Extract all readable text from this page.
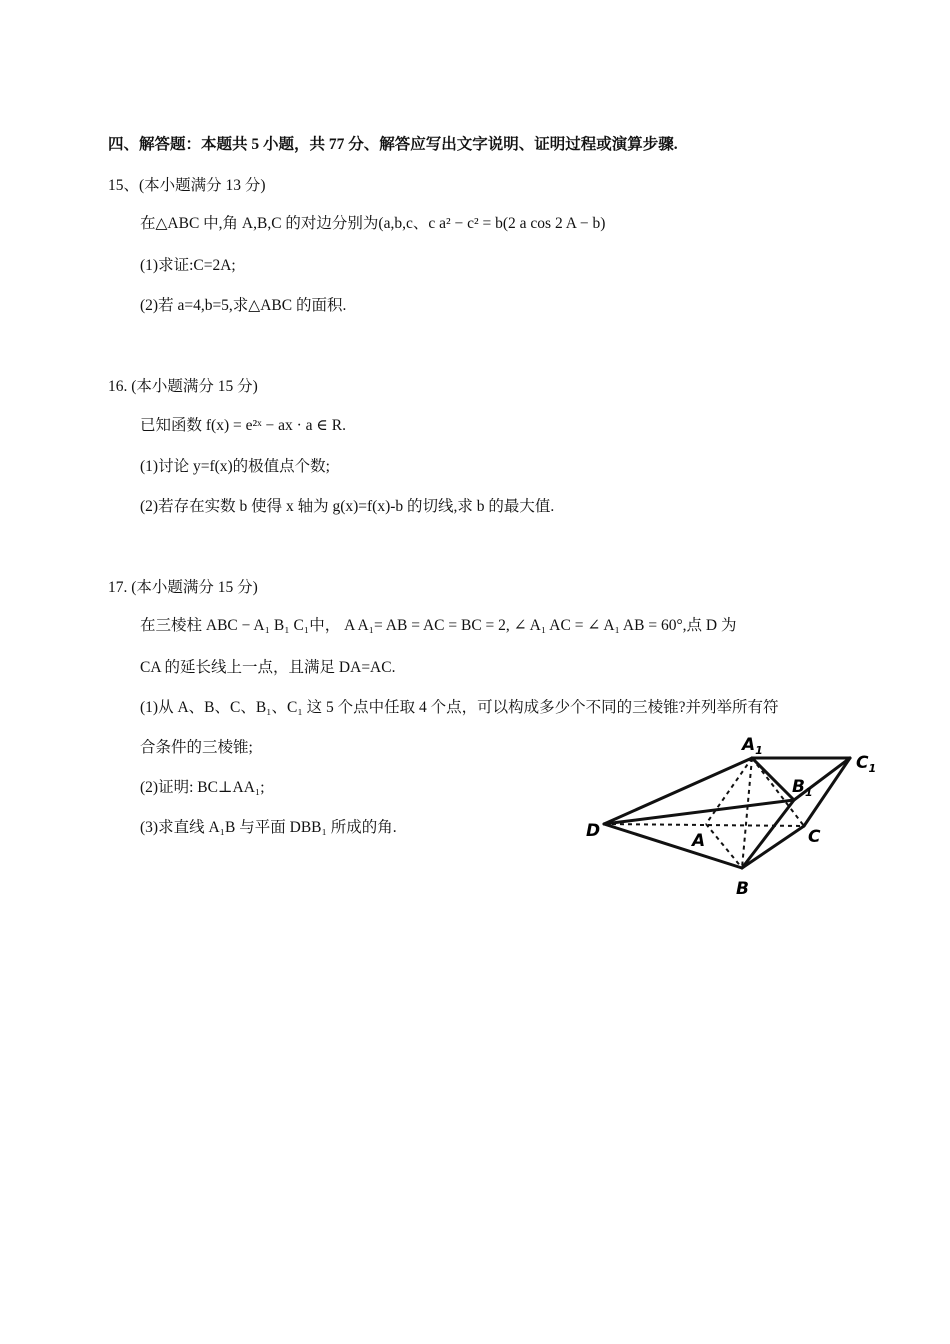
四、解答题：本题共 5 小题，共 77 分、解答应写出文字说明、证明过程或演算步骤.
15、(本小题满分 13 分)
在△ABC 中,角 A,B,C 的对边分别为(a,b,c、c a² − c² = b(2 a cos 2 A − b)
(1)求证:C=2A;
(2)若 a=4,b=5,求△ABC 的面积.
16. (本小题满分 15 分)
已知函数 f(x) = e²ˣ − ax · a ∈ R.
(1)讨论 y=f(x)的极值点个数;
(2)若存在实数 b 使得 x 轴为 g(x)=f(x)-b 的切线,求 b 的最大值.
17. (本小题满分 15 分)
在三棱柱 ABC − A₁ B₁ C₁中， A A₁= AB = AC = BC = 2, ∠ A₁ AC = ∠ A₁ AB = 60°,点 D 为
CA 的延长线上一点，且满足 DA=AC.
(1)从 A、B、C、B₁、C₁ 这 5 个点中任取 4 个点，可以构成多少个不同的三棱锥?并列举所有符
合条件的三棱锥;
(2)证明: BC⊥AA₁;
(3)求直线 A₁B 与平面 DBB₁ 所成的角.
$A_1$
$C_1$
$B_1$
D	A	C
B
